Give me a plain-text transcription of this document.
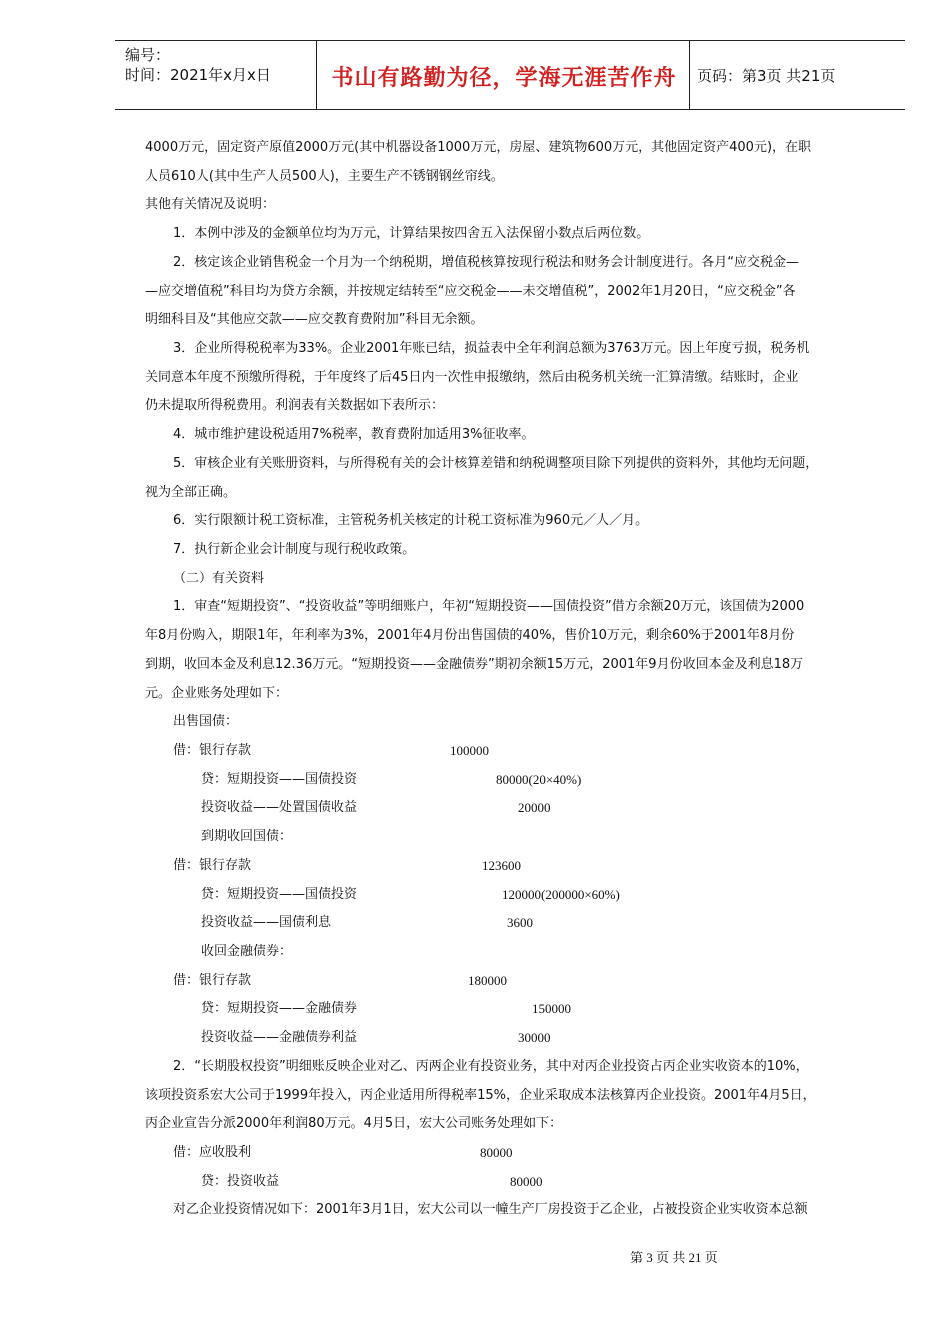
编号：
时间：2021年x月x日	书山有路勤为径，学海无涯苦作舟	页码：第3页 共21页
4000万元，固定资产原值2000万元(其中机器设备1000万元，房屋、建筑物600万元，其他固定资产400元)，在职
人员610人(其中生产人员500人)，主要生产不锈钢钢丝帘线。
其他有关情况及说明：
1．本例中涉及的金额单位均为万元，计算结果按四舍五入法保留小数点后两位数。
2．核定该企业销售税金一个月为一个纳税期，增值税核算按现行税法和财务会计制度进行。各月“应交税金—
—应交增值税”科目均为贷方余额，并按规定结转至“应交税金——未交增值税”，2002年1月20日，“应交税金”各
明细科目及“其他应交款——应交教育费附加”科目无余额。
3．企业所得税税率为33%。企业2001年账已结，损益表中全年利润总额为3763万元。因上年度亏损，税务机
关同意本年度不预缴所得税，于年度终了后45日内一次性申报缴纳，然后由税务机关统一汇算清缴。结账时，企业
仍未提取所得税费用。利润表有关数据如下表所示：
4．城市维护建设税适用7%税率，教育费附加适用3%征收率。
5．审核企业有关账册资料，与所得税有关的会计核算差错和纳税调整项目除下列提供的资料外，其他均无问题，
视为全部正确。
6．实行限额计税工资标准，主管税务机关核定的计税工资标准为960元／人／月。
7．执行新企业会计制度与现行税收政策。
（二）有关资料
1．审查“短期投资”、“投资收益”等明细账户，年初“短期投资——国债投资”借方余额20万元，该国债为2000
年8月份购入，期限1年，年利率为3%，2001年4月份出售国债的40%，售价10万元，剩余60%于2001年8月份
到期，收回本金及利息12.36万元。“短期投资——金融债券”期初余额15万元，2001年9月份收回本金及利息18万
元。企业账务处理如下：
出售国债：
借：银行存款	100000
贷：短期投资——国债投资	80000(20×40%)
投资收益——处置国债收益	20000
到期收回国债：
借：银行存款	123600
贷：短期投资——国债投资	120000(200000×60%)
投资收益——国债利息	3600
收回金融债券：
借：银行存款	180000
贷：短期投资——金融债券	150000
投资收益——金融债券利益	30000
2．“长期股权投资”明细账反映企业对乙、丙两企业有投资业务，其中对丙企业投资占丙企业实收资本的10%，
该项投资系宏大公司于1999年投入，丙企业适用所得税率15%，企业采取成本法核算丙企业投资。2001年4月5日，
丙企业宣告分派2000年利润80万元。4月5日，宏大公司账务处理如下：
借：应收股利	80000
贷：投资收益	80000
对乙企业投资情况如下：2001年3月1日，宏大公司以一幢生产厂房投资于乙企业，占被投资企业实收资本总额
第 3 页 共 21 页
